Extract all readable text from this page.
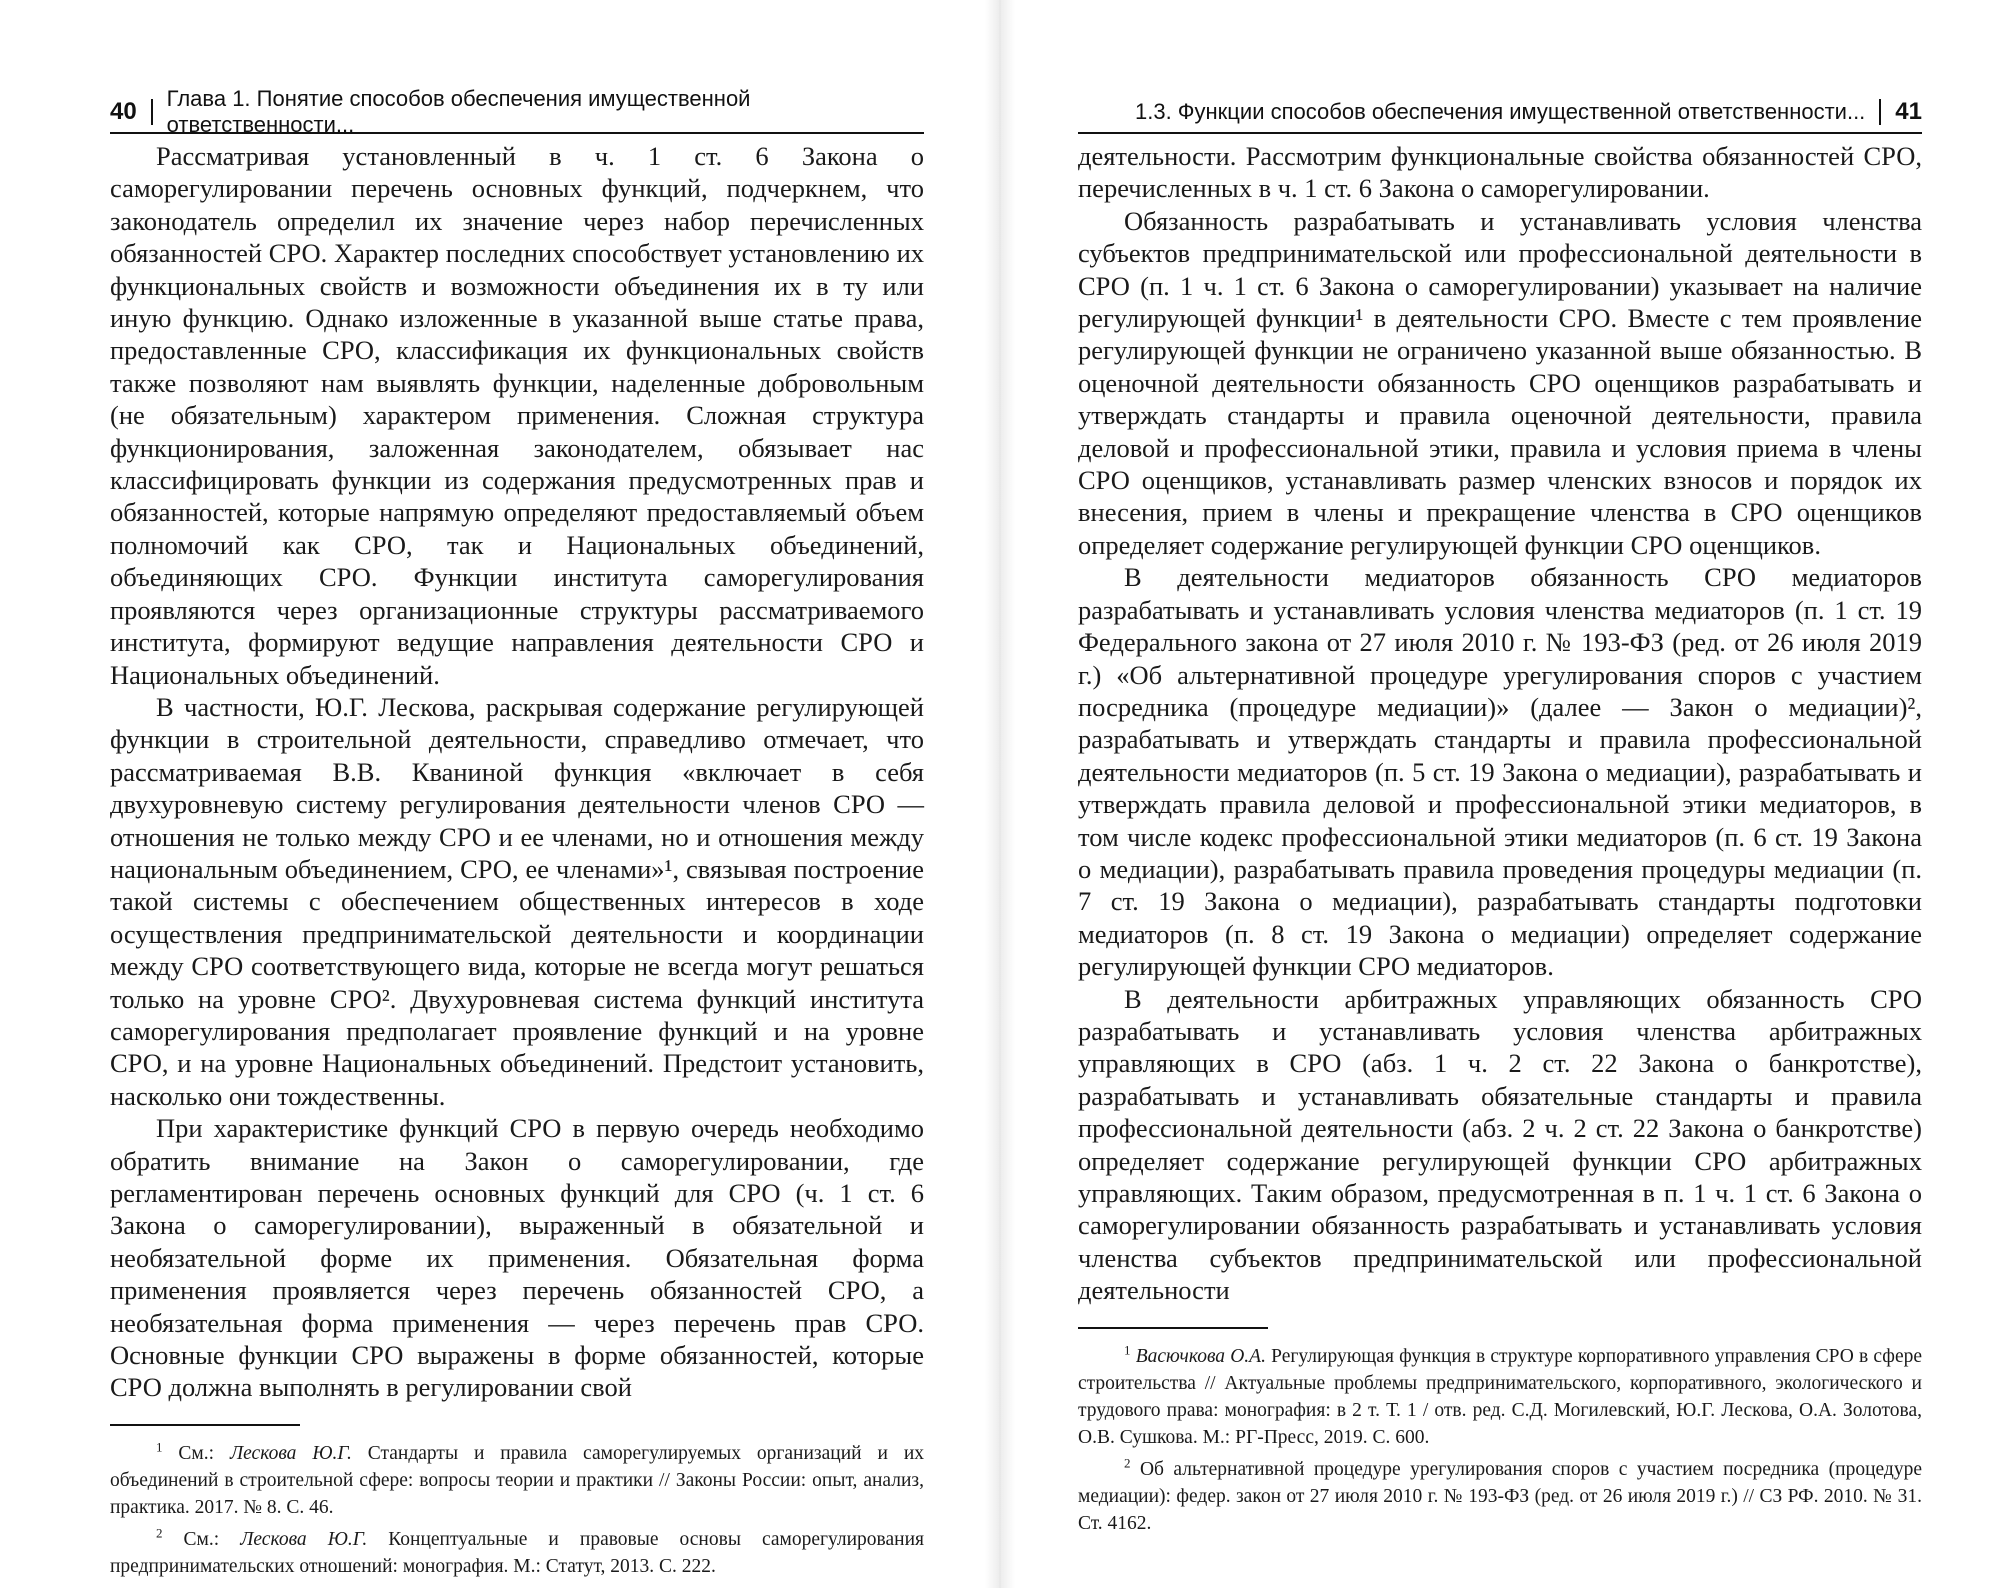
40 Глава 1. Понятие способов обеспечения имущественной ответственности...

Рассматривая установленный в ч. 1 ст. 6 Закона о саморегулировании перечень основных функций, подчеркнем, что законодатель определил их значение через набор перечисленных обязанностей СРО. Характер последних способствует установлению их функциональных свойств и возможности объединения их в ту или иную функцию. Однако изложенные в указанной выше статье права, предоставленные СРО, классификация их функциональных свойств также позволяют нам выявлять функции, наделенные добровольным (не обязательным) характером применения. Сложная структура функционирования, заложенная законодателем, обязывает нас классифицировать функции из содержания предусмотренных прав и обязанностей, которые напрямую определяют предоставляемый объем полномочий как СРО, так и Национальных объединений, объединяющих СРО. Функции института саморегулирования проявляются через организационные структуры рассматриваемого института, формируют ведущие направления деятельности СРО и Национальных объединений.

В частности, Ю.Г. Лескова, раскрывая содержание регулирующей функции в строительной деятельности, справедливо отмечает, что рассматриваемая В.В. Кваниной функция «включает в себя двухуровневую систему регулирования деятельности членов СРО — отношения не только между СРО и ее членами, но и отношения между национальным объединением, СРО, ее членами»¹, связывая построение такой системы с обеспечением общественных интересов в ходе осуществления предпринимательской деятельности и координации между СРО соответствующего вида, которые не всегда могут решаться только на уровне СРО². Двухуровневая система функций института саморегулирования предполагает проявление функций и на уровне СРО, и на уровне Национальных объединений. Предстоит установить, насколько они тождественны.

При характеристике функций СРО в первую очередь необходимо обратить внимание на Закон о саморегулировании, где регламентирован перечень основных функций для СРО (ч. 1 ст. 6 Закона о саморегулировании), выраженный в обязательной и необязательной форме их применения. Обязательная форма применения проявляется через перечень обязанностей СРО, а необязательная форма применения — через перечень прав СРО. Основные функции СРО выражены в форме обязанностей, которые СРО должна выполнять в регулировании свой

$^1$ См.: Лескова Ю.Г. Стандарты и правила саморегулируемых организаций и их объединений в строительной сфере: вопросы теории и практики // Законы России: опыт, анализ, практика. 2017. № 8. С. 46.

$^2$ См.: Лескова Ю.Г. Концептуальные и правовые основы саморегулирования предпринимательских отношений: монография. М.: Статут, 2013. С. 222.

1.3. Функции способов обеспечения имущественной ответственности... 41

деятельности. Рассмотрим функциональные свойства обязанностей СРО, перечисленных в ч. 1 ст. 6 Закона о саморегулировании.

Обязанность разрабатывать и устанавливать условия членства субъектов предпринимательской или профессиональной деятельности в СРО (п. 1 ч. 1 ст. 6 Закона о саморегулировании) указывает на наличие регулирующей функции¹ в деятельности СРО. Вместе с тем проявление регулирующей функции не ограничено указанной выше обязанностью. В оценочной деятельности обязанность СРО оценщиков разрабатывать и утверждать стандарты и правила оценочной деятельности, правила деловой и профессиональной этики, правила и условия приема в члены СРО оценщиков, устанавливать размер членских взносов и порядок их внесения, прием в члены и прекращение членства в СРО оценщиков определяет содержание регулирующей функции СРО оценщиков.

В деятельности медиаторов обязанность СРО медиаторов разрабатывать и устанавливать условия членства медиаторов (п. 1 ст. 19 Федерального закона от 27 июля 2010 г. № 193-ФЗ (ред. от 26 июля 2019 г.) «Об альтернативной процедуре урегулирования споров с участием посредника (процедуре медиации)» (далее — Закон о медиации)², разрабатывать и утверждать стандарты и правила профессиональной деятельности медиаторов (п. 5 ст. 19 Закона о медиации), разрабатывать и утверждать правила деловой и профессиональной этики медиаторов, в том числе кодекс профессиональной этики медиаторов (п. 6 ст. 19 Закона о медиации), разрабатывать правила проведения процедуры медиации (п. 7 ст. 19 Закона о медиации), разрабатывать стандарты подготовки медиаторов (п. 8 ст. 19 Закона о медиации) определяет содержание регулирующей функции СРО медиаторов.

В деятельности арбитражных управляющих обязанность СРО разрабатывать и устанавливать условия членства арбитражных управляющих в СРО (абз. 1 ч. 2 ст. 22 Закона о банкротстве), разрабатывать и устанавливать обязательные стандарты и правила профессиональной деятельности (абз. 2 ч. 2 ст. 22 Закона о банкротстве) определяет содержание регулирующей функции СРО арбитражных управляющих. Таким образом, предусмотренная в п. 1 ч. 1 ст. 6 Закона о саморегулировании обязанность разрабатывать и устанавливать условия членства субъектов предпринимательской или профессиональной деятельности

$^1$ Васючкова О.А. Регулирующая функция в структуре корпоративного управления СРО в сфере строительства // Актуальные проблемы предпринимательского, корпоративного, экологического и трудового права: монография: в 2 т. Т. 1 / отв. ред. С.Д. Могилевский, Ю.Г. Лескова, О.А. Золотова, О.В. Сушкова. М.: РГ-Пресс, 2019. С. 600.

$^2$ Об альтернативной процедуре урегулирования споров с участием посредника (процедуре медиации): федер. закон от 27 июля 2010 г. № 193-ФЗ (ред. от 26 июля 2019 г.) // СЗ РФ. 2010. № 31. Ст. 4162.
